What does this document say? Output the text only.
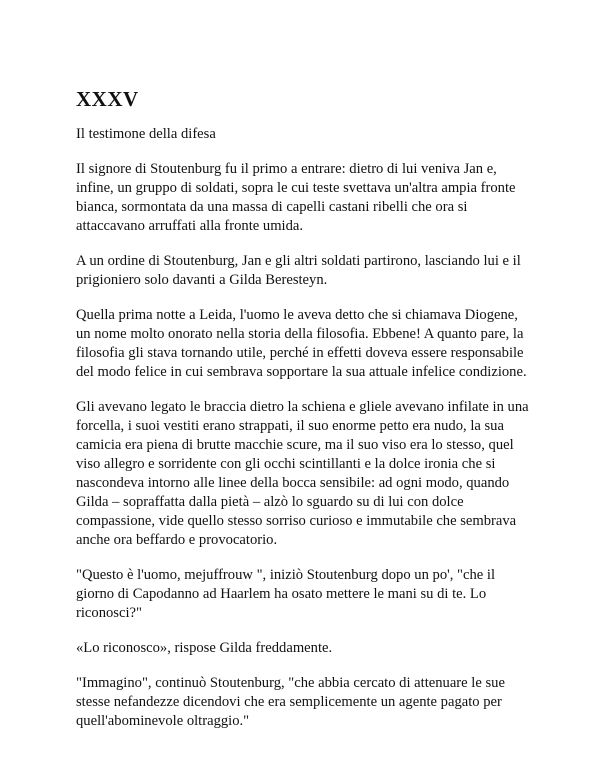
XXXV

Il testimone della difesa

Il signore di Stoutenburg fu il primo a entrare: dietro di lui veniva Jan e, infine, un gruppo di soldati, sopra le cui teste svettava un'altra ampia fronte bianca, sormontata da una massa di capelli castani ribelli che ora si attaccavano arruffati alla fronte umida.

A un ordine di Stoutenburg, Jan e gli altri soldati partirono, lasciando lui e il prigioniero solo davanti a Gilda Beresteyn.

Quella prima notte a Leida, l'uomo le aveva detto che si chiamava Diogene, un nome molto onorato nella storia della filosofia. Ebbene! A quanto pare, la filosofia gli stava tornando utile, perché in effetti doveva essere responsabile del modo felice in cui sembrava sopportare la sua attuale infelice condizione.

Gli avevano legato le braccia dietro la schiena e gliele avevano infilate in una forcella, i suoi vestiti erano strappati, il suo enorme petto era nudo, la sua camicia era piena di brutte macchie scure, ma il suo viso era lo stesso, quel viso allegro e sorridente con gli occhi scintillanti e la dolce ironia che si nascondeva intorno alle linee della bocca sensibile: ad ogni modo, quando Gilda – sopraffatta dalla pietà – alzò lo sguardo su di lui con dolce compassione, vide quello stesso sorriso curioso e immutabile che sembrava anche ora beffardo e provocatorio.

"Questo è l'uomo, mejuffrouw ", iniziò Stoutenburg dopo un po', "che il giorno di Capodanno ad Haarlem ha osato mettere le mani su di te. Lo riconosci?"

«Lo riconosco», rispose Gilda freddamente.

"Immagino", continuò Stoutenburg, "che abbia cercato di attenuare le sue stesse nefandezze dicendovi che era semplicemente un agente pagato per quell'abominevole oltraggio."
